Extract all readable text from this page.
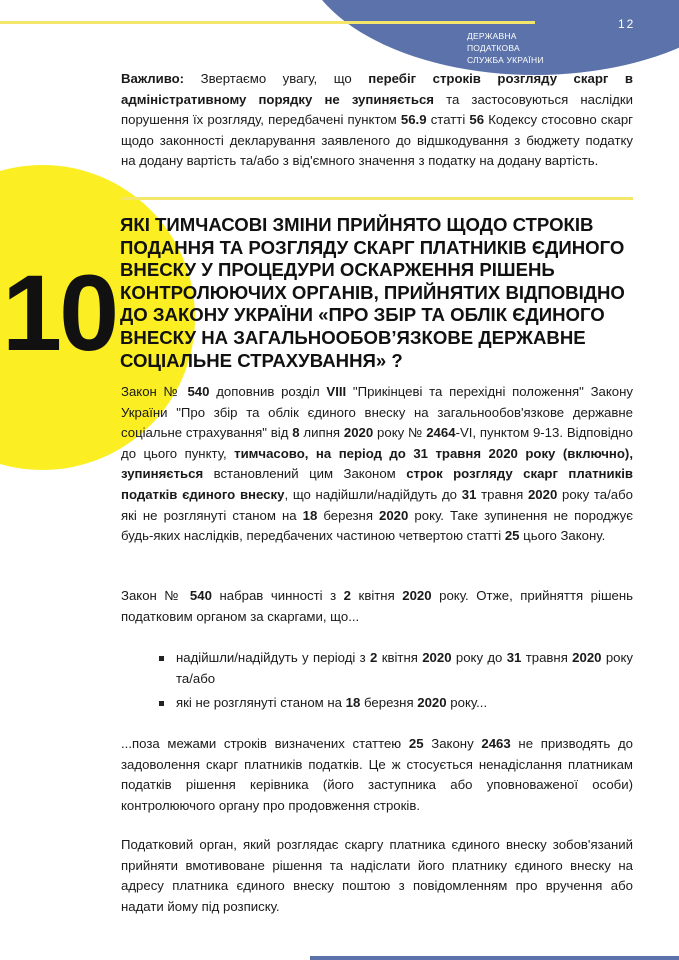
ДЕРЖАВНА
ПОДАТКОВА
СЛУЖБА УКРАЇНИ
12
10
Важливо: Звертаємо увагу, що перебіг строків розгляду скарг в адміністративному порядку не зупиняється та застосовуються наслідки порушення їх розгляду, передбачені пунктом 56.9 статті 56 Кодексу стосовно скарг щодо законності декларування заявленого до відшкодування з бюджету податку на додану вартість та/або з від'ємного значення з податку на додану вартість.
ЯКІ ТИМЧАСОВІ ЗМІНИ ПРИЙНЯТО ЩОДО СТРОКІВ ПОДАННЯ ТА РОЗГЛЯДУ СКАРГ ПЛАТНИКІВ ЄДИНОГО ВНЕСКУ У ПРОЦЕДУРИ ОСКАРЖЕННЯ РІШЕНЬ КОНТРОЛЮЮЧИХ ОРГАНІВ, ПРИЙНЯТИХ ВІДПОВІДНО ДО ЗАКОНУ УКРАЇНИ «ПРО ЗБІР ТА ОБЛІК ЄДИНОГО ВНЕСКУ НА ЗАГАЛЬНООБОВ’ЯЗКОВЕ ДЕРЖАВНЕ СОЦІАЛЬНЕ СТРАХУВАННЯ» ?
Закон № 540 доповнив розділ VIII "Прикінцеві та перехідні положення" Закону України "Про збір та облік єдиного внеску на загальнообов'язкове державне соціальне страхування" від 8 липня 2020 року № 2464-VI, пунктом 9-13. Відповідно до цього пункту, тимчасово, на період до 31 травня 2020 року (включно), зупиняється встановлений цим Законом строк розгляду скарг платників податків єдиного внеску, що надійшли/надійдуть до 31 травня 2020 року та/або які не розглянуті станом на 18 березня 2020 року. Таке зупинення не породжує будь-яких наслідків, передбачених частиною четвертою статті 25 цього Закону.
Закон № 540 набрав чинності з 2 квітня 2020 року. Отже, прийняття рішень податковим органом за скаргами, що...
надійшли/надійдуть у періоді з 2 квітня 2020 року до 31 травня 2020 року та/або
які не розглянуті станом на 18 березня 2020 року...
...поза межами строків визначених статтею 25 Закону 2463 не призводять до задоволення скарг платників податків. Це ж стосується ненадіслання платникам податків рішення керівника (його заступника або уповноваженої особи) контролюючого органу про продовження строків.
Податковий орган, який розглядає скаргу платника єдиного внеску зобов'язаний прийняти вмотивоване рішення та надіслати його платнику єдиного внеску на адресу платника єдиного внеску поштою з повідомленням про вручення або надати йому під розписку.
